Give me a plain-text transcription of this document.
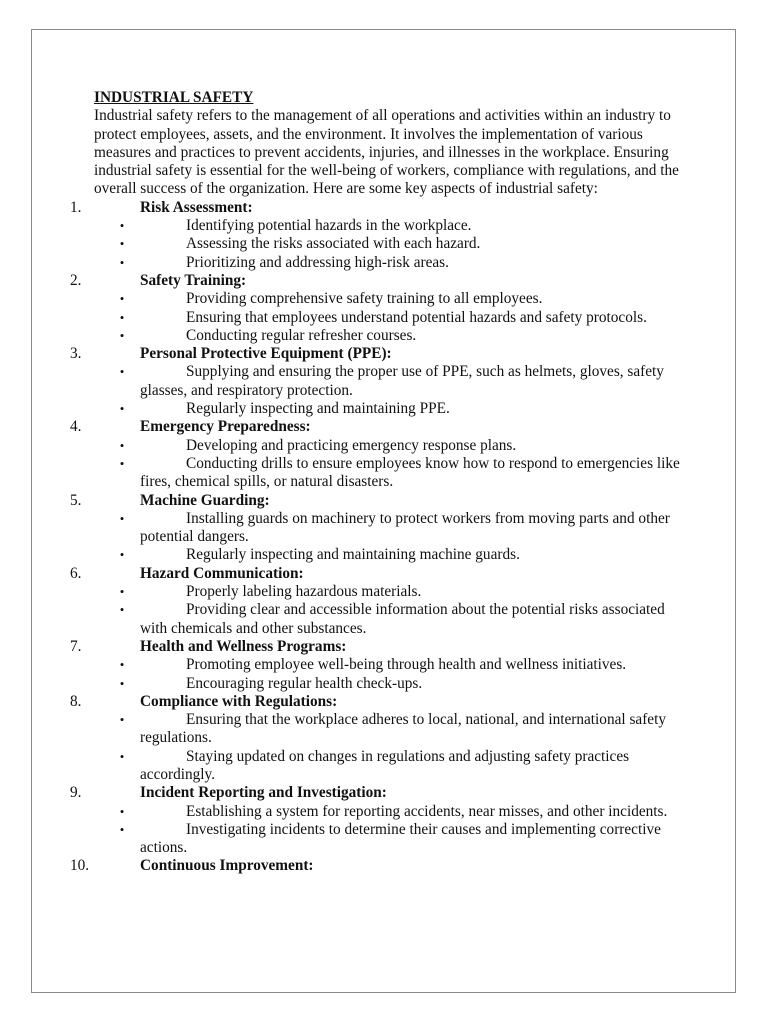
INDUSTRIAL SAFETY

Industrial safety refers to the management of all operations and activities within an industry to protect employees, assets, and the environment. It involves the implementation of various measures and practices to prevent accidents, injuries, and illnesses in the workplace. Ensuring industrial safety is essential for the well-being of workers, compliance with regulations, and the overall success of the organization. Here are some key aspects of industrial safety:

1.	Risk Assessment:

•	Identifying potential hazards in the workplace.

•	Assessing the risks associated with each hazard.

•	Prioritizing and addressing high-risk areas.

2.	Safety Training:

•	Providing comprehensive safety training to all employees.

•	Ensuring that employees understand potential hazards and safety protocols.

•	Conducting regular refresher courses.

3.	Personal Protective Equipment (PPE):

•	Supplying and ensuring the proper use of PPE, such as helmets, gloves, safety glasses, and respiratory protection.

•	Regularly inspecting and maintaining PPE.

4.	Emergency Preparedness:

•	Developing and practicing emergency response plans.

•	Conducting drills to ensure employees know how to respond to emergencies like fires, chemical spills, or natural disasters.

5.	Machine Guarding:

•	Installing guards on machinery to protect workers from moving parts and other potential dangers.

•	Regularly inspecting and maintaining machine guards.

6.	Hazard Communication:

•	Properly labeling hazardous materials.

•	Providing clear and accessible information about the potential risks associated with chemicals and other substances.

7.	Health and Wellness Programs:

•	Promoting employee well-being through health and wellness initiatives.

•	Encouraging regular health check-ups.

8.	Compliance with Regulations:

•	Ensuring that the workplace adheres to local, national, and international safety regulations.

•	Staying updated on changes in regulations and adjusting safety practices accordingly.

9.	Incident Reporting and Investigation:

•	Establishing a system for reporting accidents, near misses, and other incidents.

•	Investigating incidents to determine their causes and implementing corrective actions.

10.	Continuous Improvement:
